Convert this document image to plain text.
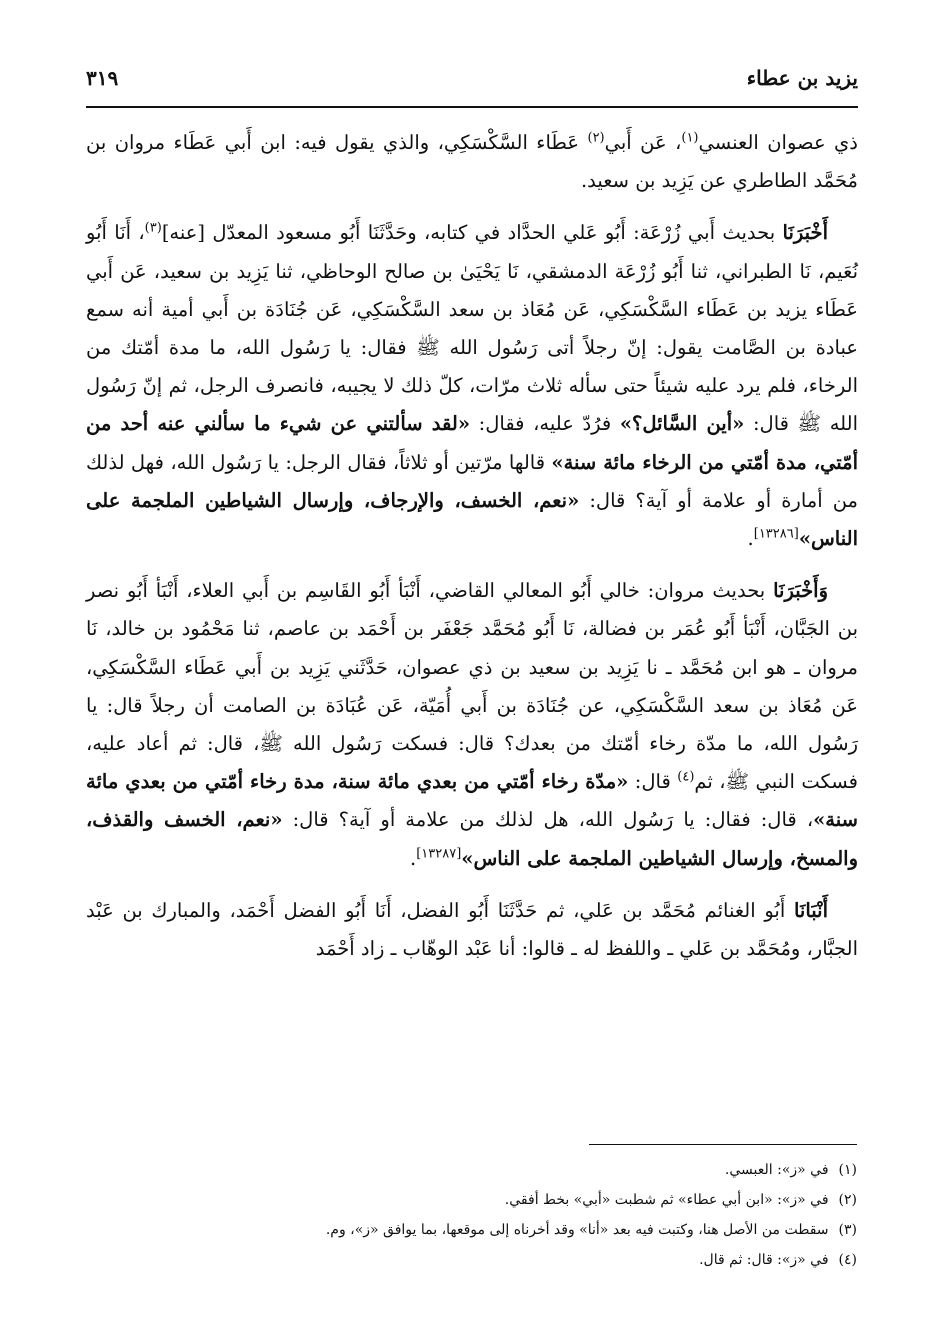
يزيد بن عطاء
٣١٩

ذي عصوان العنسي$^{(١)}$، عَن أَبي$^{(٢)}$ عَطَاء السَّكْسَكِي، والذي يقول فيه: ابن أَبي عَطَاء مروان بن مُحَمَّد الطاطري عن يَزِيد بن سعيد.

أَخْبَرَنَا بحديث أَبي زُرْعَة: أَبُو عَلي الحدَّاد في كتابه، وحَدَّثَنَا أَبُو مسعود المعدّل [عنه]$^{(٣)}$، أَنَا أَبُو نُعَيم، نَا الطبراني، ثنا أَبُو زُرْعَة الدمشقي، نَا يَحْيَىٰ بن صالح الوحاظي، ثنا يَزِيد بن سعيد، عَن أَبي عَطَاء يزيد بن عَطَاء السَّكْسَكِي، عَن مُعَاذ بن سعد السَّكْسَكِي، عَن جُنَادَة بن أَبي أمية أنه سمع عبادة بن الصَّامت يقول: إنّ رجلاً أتى رَسُول الله ﷺ فقال: يا رَسُول الله، ما مدة أمّتك من الرخاء، فلم يرد عليه شيئاً حتى سأله ثلاث مرّات، كلّ ذلك لا يجيبه، فانصرف الرجل، ثم إنّ رَسُول الله ﷺ قال: «أين السَّائل؟» فرُدّ عليه، فقال: «لقد سألتني عن شيء ما سألني عنه أحد من أمّتي، مدة أمّتي من الرخاء مائة سنة» قالها مرّتين أو ثلاثاً، فقال الرجل: يا رَسُول الله، فهل لذلك من أمارة أو علامة أو آية؟ قال: «نعم، الخسف، والإرجاف، وإرسال الشياطين الملجمة على الناس»[١٣٢٨٦].

وَأَخْبَرَنَا بحديث مروان: خالي أَبُو المعالي القاضي، أَنْبَأ أَبُو القَاسِم بن أَبي العلاء، أَنْبَأ أَبُو نصر بن الجَبَّان، أَنْبَأ أَبُو عُمَر بن فضالة، نَا أَبُو مُحَمَّد جَعْفَر بن أَحْمَد بن عاصم، ثنا مَحْمُود بن خالد، نَا مروان ـ هو ابن مُحَمَّد ـ نا يَزِيد بن سعيد بن ذي عصوان، حَدَّثَني يَزِيد بن أَبي عَطَاء السَّكْسَكِي، عَن مُعَاذ بن سعد السَّكْسَكِي، عن جُنَادَة بن أَبي أُمَيّة، عَن عُبَادَة بن الصامت أن رجلاً قال: يا رَسُول الله، ما مدّة رخاء أمّتك من بعدك؟ قال: فسكت رَسُول الله ﷺ، قال: ثم أعاد عليه، فسكت النبي ﷺ، ثم$^{(٤)}$ قال: «مدّة رخاء أمّتي من بعدي مائة سنة، مدة رخاء أمّتي من بعدي مائة سنة»، قال: فقال: يا رَسُول الله، هل لذلك من علامة أو آية؟ قال: «نعم، الخسف والقذف، والمسخ، وإرسال الشياطين الملجمة على الناس»[١٣٢٨٧].

أَنْبَانَا أَبُو الغنائم مُحَمَّد بن عَلي، ثم حَدَّثَنَا أَبُو الفضل، أَنَا أَبُو الفضل أَحْمَد، والمبارك بن عَبْد الجبَّار، ومُحَمَّد بن عَلي ـ واللفظ له ـ قالوا: أنا عَبْد الوهّاب ـ زاد أَحْمَد

(١)
في «ز»: العبسي.
(٢)
في «ز»: «ابن أبي عطاء» ثم شطبت «أبي» بخط أفقي.
(٣)
سقطت من الأصل هنا، وكتبت فيه بعد «أنا» وقد أخرناه إلى موقعها، بما يوافق «ز»، وم.
(٤)
في «ز»: قال: ثم قال.
